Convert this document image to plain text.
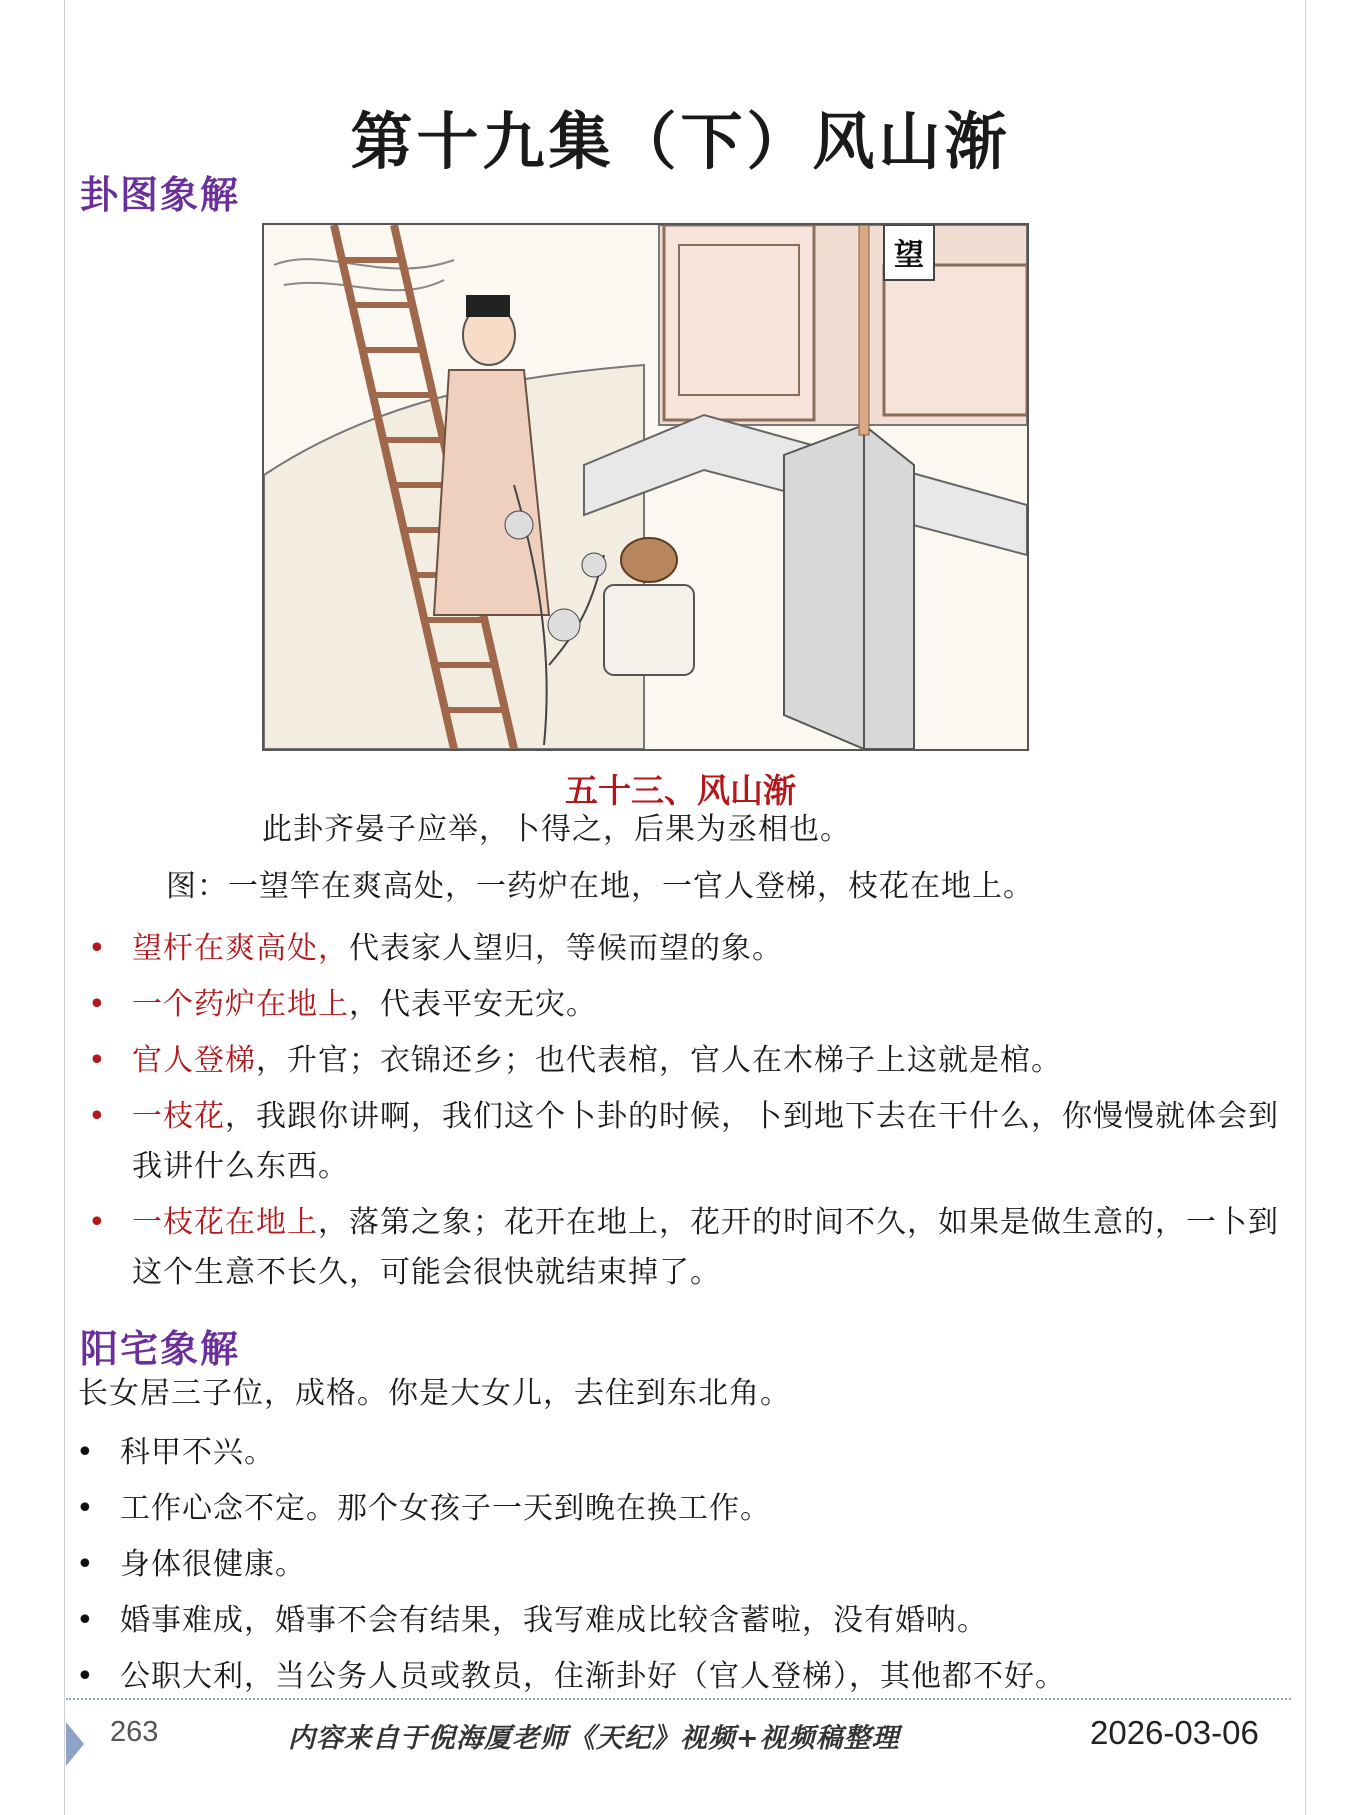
第十九集（下）风山渐
卦图象解
望
五十三、风山渐
此卦齐晏子应举，卜得之，后果为丞相也。
图：一望竿在爽高处，一药炉在地，一官人登梯，枝花在地上。
• 望杆在爽高处，代表家人望归，等候而望的象。
• 一个药炉在地上，代表平安无灾。
• 官人登梯，升官；衣锦还乡；也代表棺，官人在木梯子上这就是棺。
• 一枝花，我跟你讲啊，我们这个卜卦的时候，卜到地下去在干什么，你慢慢就体会到我讲什么东西。
• 一枝花在地上，落第之象；花开在地上，花开的时间不久，如果是做生意的，一卜到这个生意不长久，可能会很快就结束掉了。
阳宅象解
长女居三子位，成格。你是大女儿，去住到东北角。
• 科甲不兴。
• 工作心念不定。那个女孩子一天到晚在换工作。
• 身体很健康。
• 婚事难成，婚事不会有结果，我写难成比较含蓄啦，没有婚呐。
• 公职大利，当公务人员或教员，住渐卦好（官人登梯），其他都不好。
263	内容来自于倪海厦老师《天纪》视频+视频稿整理	2026-03-06
